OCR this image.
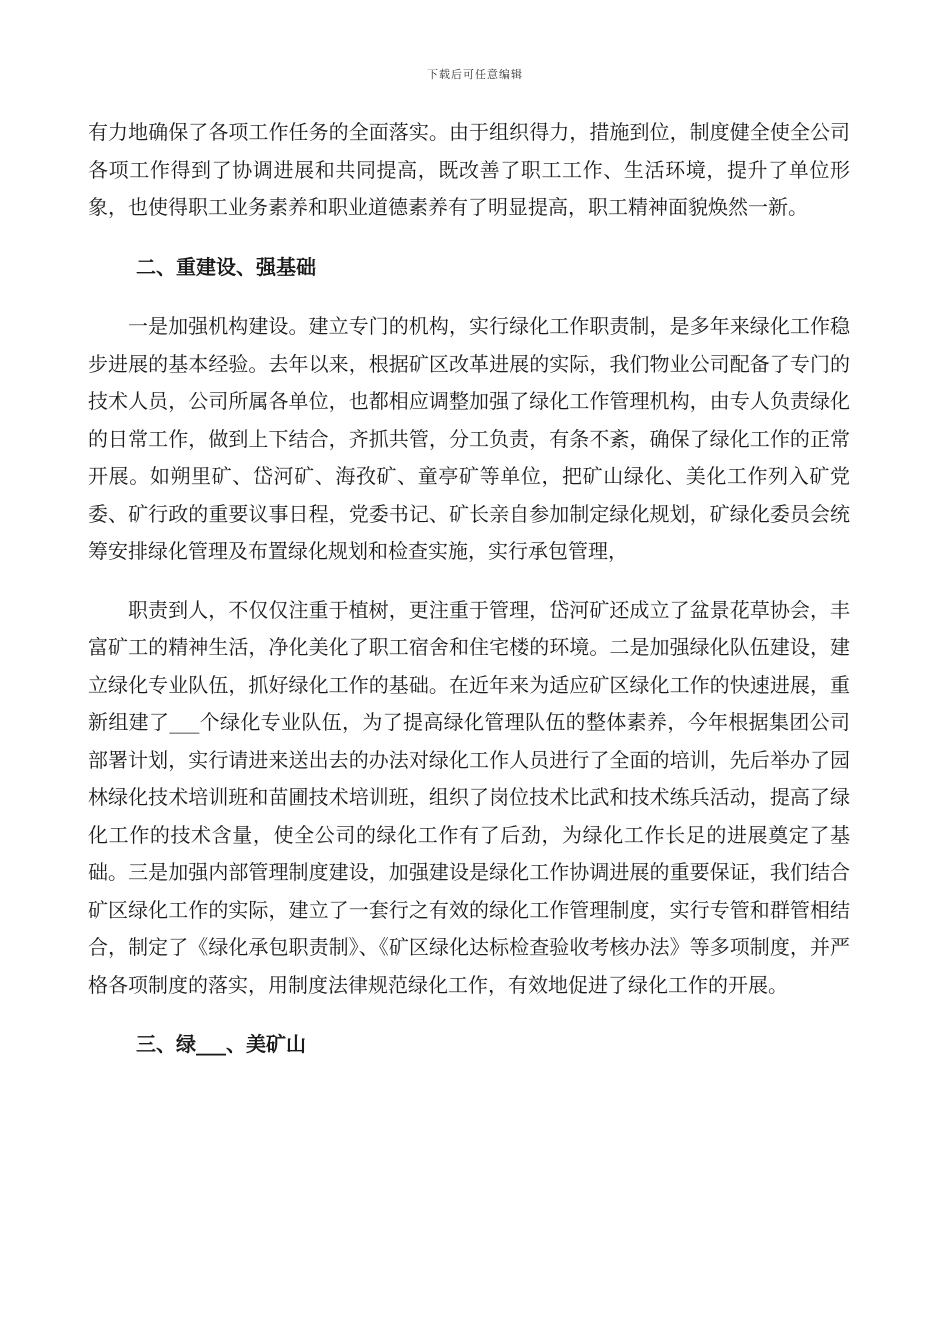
下载后可任意编辑

有力地确保了各项工作任务的全面落实。由于组织得力，措施到位，制度健全使全公司各项工作得到了协调进展和共同提高，既改善了职工工作、生活环境，提升了单位形象，也使得职工业务素养和职业道德素养有了明显提高，职工精神面貌焕然一新。

二、重建设、强基础

一是加强机构建设。建立专门的机构，实行绿化工作职责制，是多年来绿化工作稳步进展的基本经验。去年以来，根据矿区改革进展的实际，我们物业公司配备了专门的技术人员，公司所属各单位，也都相应调整加强了绿化工作管理机构，由专人负责绿化的日常工作，做到上下结合，齐抓共管，分工负责，有条不紊，确保了绿化工作的正常开展。如朔里矿、岱河矿、海孜矿、童亭矿等单位，把矿山绿化、美化工作列入矿党委、矿行政的重要议事日程，党委书记、矿长亲自参加制定绿化规划，矿绿化委员会统筹安排绿化管理及布置绿化规划和检查实施，实行承包管理，

职责到人，不仅仅注重于植树，更注重于管理，岱河矿还成立了盆景花草协会，丰富矿工的精神生活，净化美化了职工宿舍和住宅楼的环境。二是加强绿化队伍建设，建立绿化专业队伍，抓好绿化工作的基础。在近年来为适应矿区绿化工作的快速进展，重新组建了___个绿化专业队伍，为了提高绿化管理队伍的整体素养，今年根据集团公司部署计划，实行请进来送出去的办法对绿化工作人员进行了全面的培训，先后举办了园林绿化技术培训班和苗圃技术培训班，组织了岗位技术比武和技术练兵活动，提高了绿化工作的技术含量，使全公司的绿化工作有了后劲，为绿化工作长足的进展奠定了基础。三是加强内部管理制度建设，加强建设是绿化工作协调进展的重要保证，我们结合矿区绿化工作的实际，建立了一套行之有效的绿化工作管理制度，实行专管和群管相结合，制定了《绿化承包职责制》、《矿区绿化达标检查验收考核办法》等多项制度，并严格各项制度的落实，用制度法律规范绿化工作，有效地促进了绿化工作的开展。

三、绿___、美矿山
